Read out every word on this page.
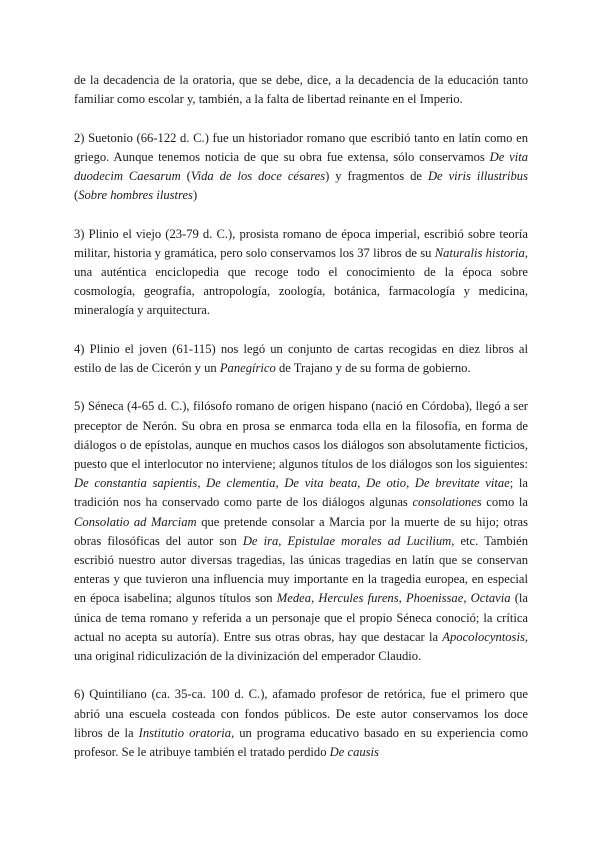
de la decadencia de la oratoria, que se debe, dice, a la decadencia de la educación tanto familiar como escolar y, también, a la falta de libertad reinante en el Imperio.

2) Suetonio (66-122 d. C.) fue un historiador romano que escribió tanto en latín como en griego. Aunque tenemos noticia de que su obra fue extensa, sólo conservamos De vita duodecim Caesarum (Vida de los doce césares) y fragmentos de De viris illustribus (Sobre hombres ilustres)

3) Plinio el viejo (23-79 d. C.), prosista romano de época imperial, escribió sobre teoría militar, historia y gramática, pero solo conservamos los 37 libros de su Naturalis historia, una auténtica enciclopedia que recoge todo el conocimiento de la época sobre cosmología, geografía, antropología, zoología, botánica, farmacología y medicina, mineralogía y arquitectura.

4) Plinio el joven (61-115) nos legó un conjunto de cartas recogidas en diez libros al estilo de las de Cicerón y un Panegírico de Trajano y de su forma de gobierno.

5) Séneca (4-65 d. C.), filósofo romano de origen hispano (nació en Córdoba), llegó a ser preceptor de Nerón. Su obra en prosa se enmarca toda ella en la filosofía, en forma de diálogos o de epístolas, aunque en muchos casos los diálogos son absolutamente ficticios, puesto que el interlocutor no interviene; algunos títulos de los diálogos son los siguientes: De constantia sapientis, De clementia, De vita beata, De otio, De brevitate vitae; la tradición nos ha conservado como parte de los diálogos algunas consolationes como la Consolatio ad Marciam que pretende consolar a Marcia por la muerte de su hijo; otras obras filosóficas del autor son De ira, Epistulae morales ad Lucilium, etc. También escribió nuestro autor diversas tragedias, las únicas tragedias en latín que se conservan enteras y que tuvieron una influencia muy importante en la tragedia europea, en especial en época isabelina; algunos títulos son Medea, Hercules furens, Phoenissae, Octavia (la única de tema romano y referida a un personaje que el propio Séneca conoció; la crítica actual no acepta su autoría). Entre sus otras obras, hay que destacar la Apocolocyntosis, una original ridiculización de la divinización del emperador Claudio.

6) Quintiliano (ca. 35-ca. 100 d. C.), afamado profesor de retórica, fue el primero que abrió una escuela costeada con fondos públicos. De este autor conservamos los doce libros de la Institutio oratoria, un programa educativo basado en su experiencia como profesor. Se le atribuye también el tratado perdido De causis
